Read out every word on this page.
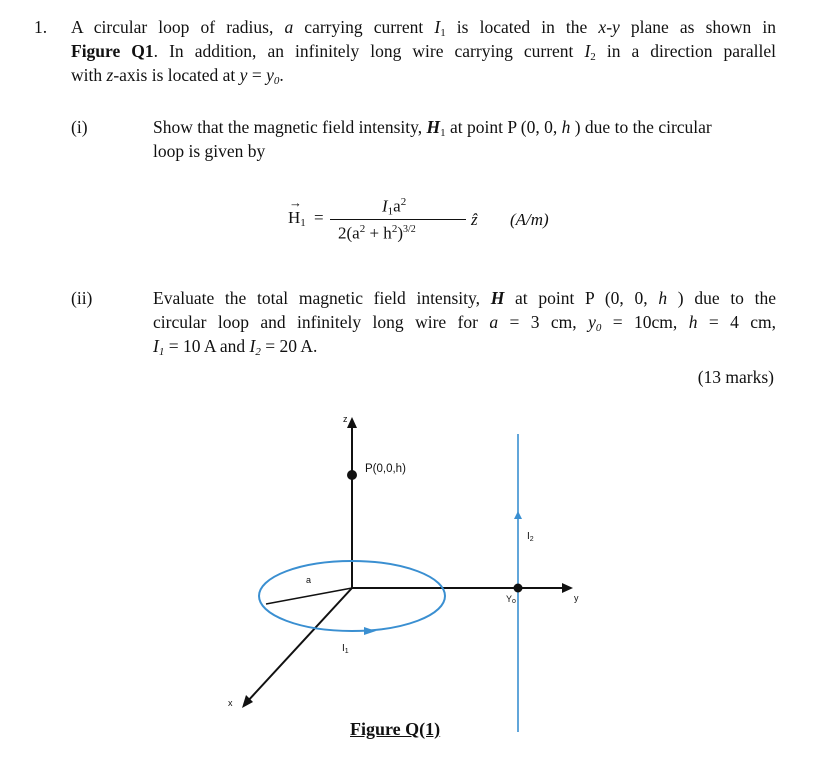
1. A circular loop of radius, a carrying current $I_1$ is located in the x-y plane as shown in
Figure Q1. In addition, an infinitely long wire carrying current $I_2$ in a direction parallel
with z-axis is located at $y = y_0$.
(i)	Show that the magnetic field intensity, $H_1$ at point P (0, 0, h ) due to the circular
loop is given by
→
$H_1$ =
$I_1a^2$
$2(a^2 + h^2)^{3/2}$
ẑ (A/m)
(ii)	Evaluate the total magnetic field intensity, H at point P (0, 0, h ) due to the
circular loop and infinitely long wire for a = 3 cm, $y_0 = 10cm$, h = 4 cm,
$I_1 = 10$ A and $I_2 = 20$ A.
(13 marks)
z
x
y
P(0,0,h)
a
$I_1$
$I_2$
$Y_o$
Figure Q(1)
